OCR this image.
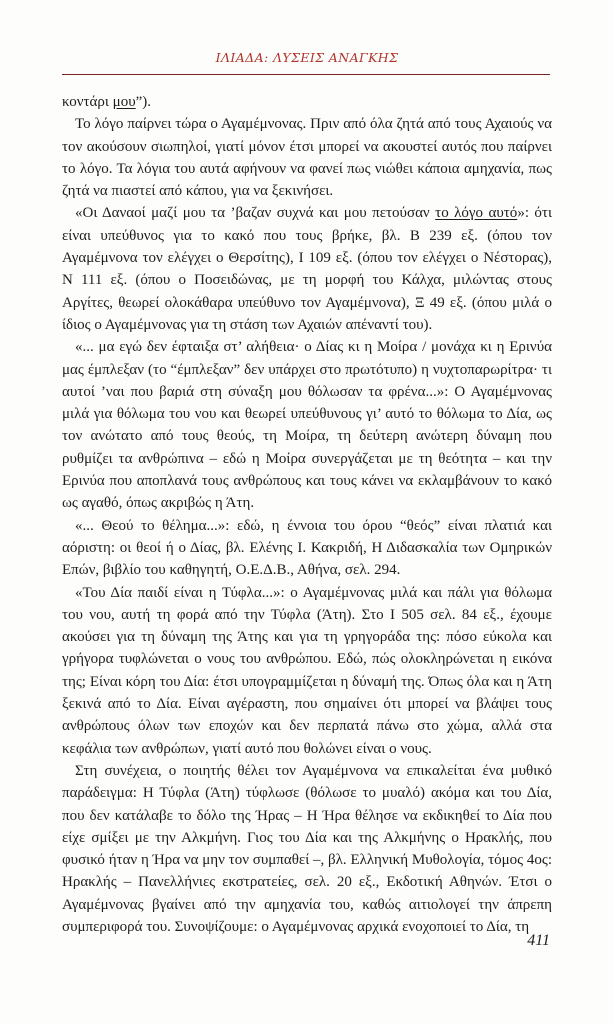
ΙΛΙΑΔΑ: ΛΥΣΕΙΣ ΑΝΑΓΚΗΣ

κοντάρι μου”).

Το λόγο παίρνει τώρα ο Αγαμέμνονας. Πριν από όλα ζητά από τους Αχαιούς να τον ακούσουν σιωπηλοί, γιατί μόνον έτσι μπορεί να ακουστεί αυτός που παίρνει το λόγο. Τα λόγια του αυτά αφήνουν να φανεί πως νιώθει κάποια αμηχανία, πως ζητά να πιαστεί από κάπου, για να ξεκινήσει.

«Οι Δαναοί μαζί μου τα ’βαζαν συχνά και μου πετούσαν το λόγο αυτό»: ότι είναι υπεύθυνος για το κακό που τους βρήκε, βλ. Β 239 εξ. (όπου τον Αγαμέμνονα τον ελέγχει ο Θερσίτης), Ι 109 εξ. (όπου τον ελέγχει ο Νέστορας), Ν 111 εξ. (όπου ο Ποσειδώνας, με τη μορφή του Κάλχα, μιλώντας στους Αργίτες, θεωρεί ολοκάθαρα υπεύθυνο τον Αγαμέμνονα), Ξ 49 εξ. (όπου μιλά ο ίδιος ο Αγαμέμνονας για τη στάση των Αχαιών απέναντί του).

«... μα εγώ δεν έφταιξα στ’ αλήθεια· ο Δίας κι η Μοίρα / μονάχα κι η Ερινύα μας έμπλεξαν (το “έμπλεξαν” δεν υπάρχει στο πρωτότυπο) η νυχτοπαρωρίτρα· τι αυτοί ’ναι που βαριά στη σύναξη μου θόλωσαν τα φρένα...»: Ο Αγαμέμνονας μιλά για θόλωμα του νου και θεωρεί υπεύθυνους γι’ αυτό το θόλωμα το Δία, ως τον ανώτατο από τους θεούς, τη Μοίρα, τη δεύτερη ανώτερη δύναμη που ρυθμίζει τα ανθρώπινα – εδώ η Μοίρα συνεργάζεται με τη θεότητα – και την Ερινύα που αποπλανά τους ανθρώπους και τους κάνει να εκλαμβάνουν το κακό ως αγαθό, όπως ακριβώς η Άτη.

«... Θεού το θέλημα...»: εδώ, η έννοια του όρου “θεός” είναι πλατιά και αόριστη: οι θεοί ή ο Δίας, βλ. Ελένης Ι. Κακριδή, Η Διδασκαλία των Ομηρικών Επών, βιβλίο του καθηγητή, Ο.Ε.Δ.Β., Αθήνα, σελ. 294.

«Του Δία παιδί είναι η Τύφλα...»: ο Αγαμέμνονας μιλά και πάλι για θόλωμα του νου, αυτή τη φορά από την Τύφλα (Άτη). Στο Ι 505 σελ. 84 εξ., έχουμε ακούσει για τη δύναμη της Άτης και για τη γρηγοράδα της: πόσο εύκολα και γρήγορα τυφλώνεται ο νους του ανθρώπου. Εδώ, πώς ολοκληρώνεται η εικόνα της; Είναι κόρη του Δία: έτσι υπογραμμίζεται η δύναμή της. Όπως όλα και η Άτη ξεκινά από το Δία. Είναι αγέραστη, που σημαίνει ότι μπορεί να βλάψει τους ανθρώπους όλων των εποχών και δεν περπατά πάνω στο χώμα, αλλά στα κεφάλια των ανθρώπων, γιατί αυτό που θολώνει είναι ο νους.

Στη συνέχεια, ο ποιητής θέλει τον Αγαμέμνονα να επικαλείται ένα μυθικό παράδειγμα: Η Τύφλα (Άτη) τύφλωσε (θόλωσε το μυαλό) ακόμα και του Δία, που δεν κατάλαβε το δόλο της Ήρας – Η Ήρα θέλησε να εκδικηθεί το Δία που είχε σμίξει με την Αλκμήνη. Γιος του Δία και της Αλκμήνης ο Ηρακλής, που φυσικό ήταν η Ήρα να μην τον συμπαθεί –, βλ. Ελληνική Μυθολογία, τόμος 4ος: Ηρακλής – Πανελλήνιες εκστρατείες, σελ. 20 εξ., Εκδοτική Αθηνών. Έτσι ο Αγαμέμνονας βγαίνει από την αμηχανία του, καθώς αιτιολογεί την άπρεπη συμπεριφορά του. Συνοψίζουμε: ο Αγαμέμνονας αρχικά ενοχοποιεί το Δία, τη

411
